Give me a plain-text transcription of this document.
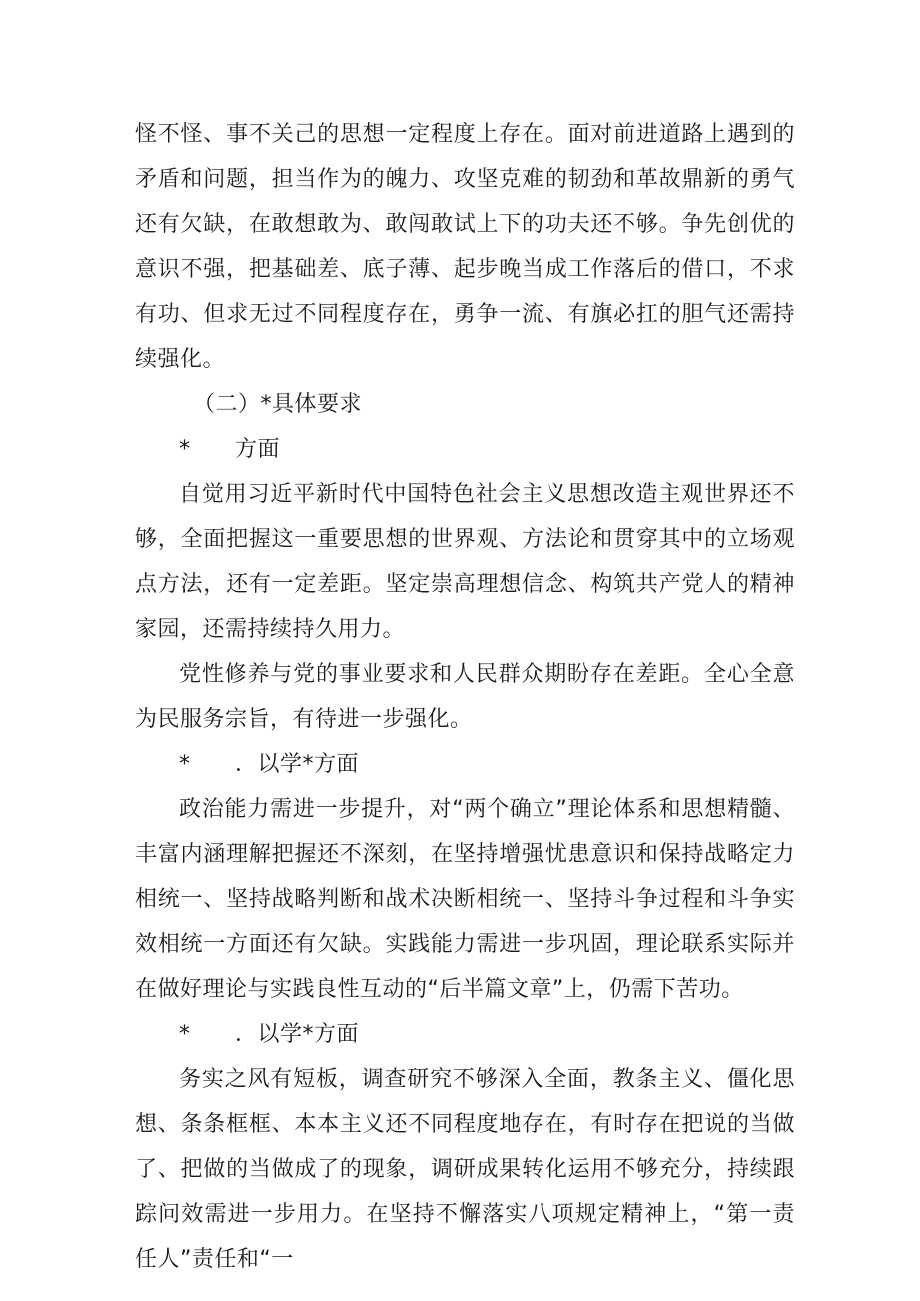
怪不怪、事不关己的思想一定程度上存在。面对前进道路上遇到的矛盾和问题，担当作为的魄力、攻坚克难的韧劲和革故鼎新的勇气还有欠缺，在敢想敢为、敢闯敢试上下的功夫还不够。争先创优的意识不强，把基础差、底子薄、起步晚当成工作落后的借口，不求有功、但求无过不同程度存在，勇争一流、有旗必扛的胆气还需持续强化。

（二）*具体要求

* 方面

自觉用习近平新时代中国特色社会主义思想改造主观世界还不够，全面把握这一重要思想的世界观、方法论和贯穿其中的立场观点方法，还有一定差距。坚定崇高理想信念、构筑共产党人的精神家园，还需持续持久用力。

党性修养与党的事业要求和人民群众期盼存在差距。全心全意为民服务宗旨，有待进一步强化。

* ．以学*方面

政治能力需进一步提升，对“两个确立”理论体系和思想精髓、丰富内涵理解把握还不深刻，在坚持增强忧患意识和保持战略定力相统一、坚持战略判断和战术决断相统一、坚持斗争过程和斗争实效相统一方面还有欠缺。实践能力需进一步巩固，理论联系实际并在做好理论与实践良性互动的“后半篇文章”上，仍需下苦功。

* ．以学*方面

务实之风有短板，调查研究不够深入全面，教条主义、僵化思想、条条框框、本本主义还不同程度地存在，有时存在把说的当做了、把做的当做成了的现象，调研成果转化运用不够充分，持续跟踪问效需进一步用力。在坚持不懈落实八项规定精神上，“第一责任人”责任和“一
